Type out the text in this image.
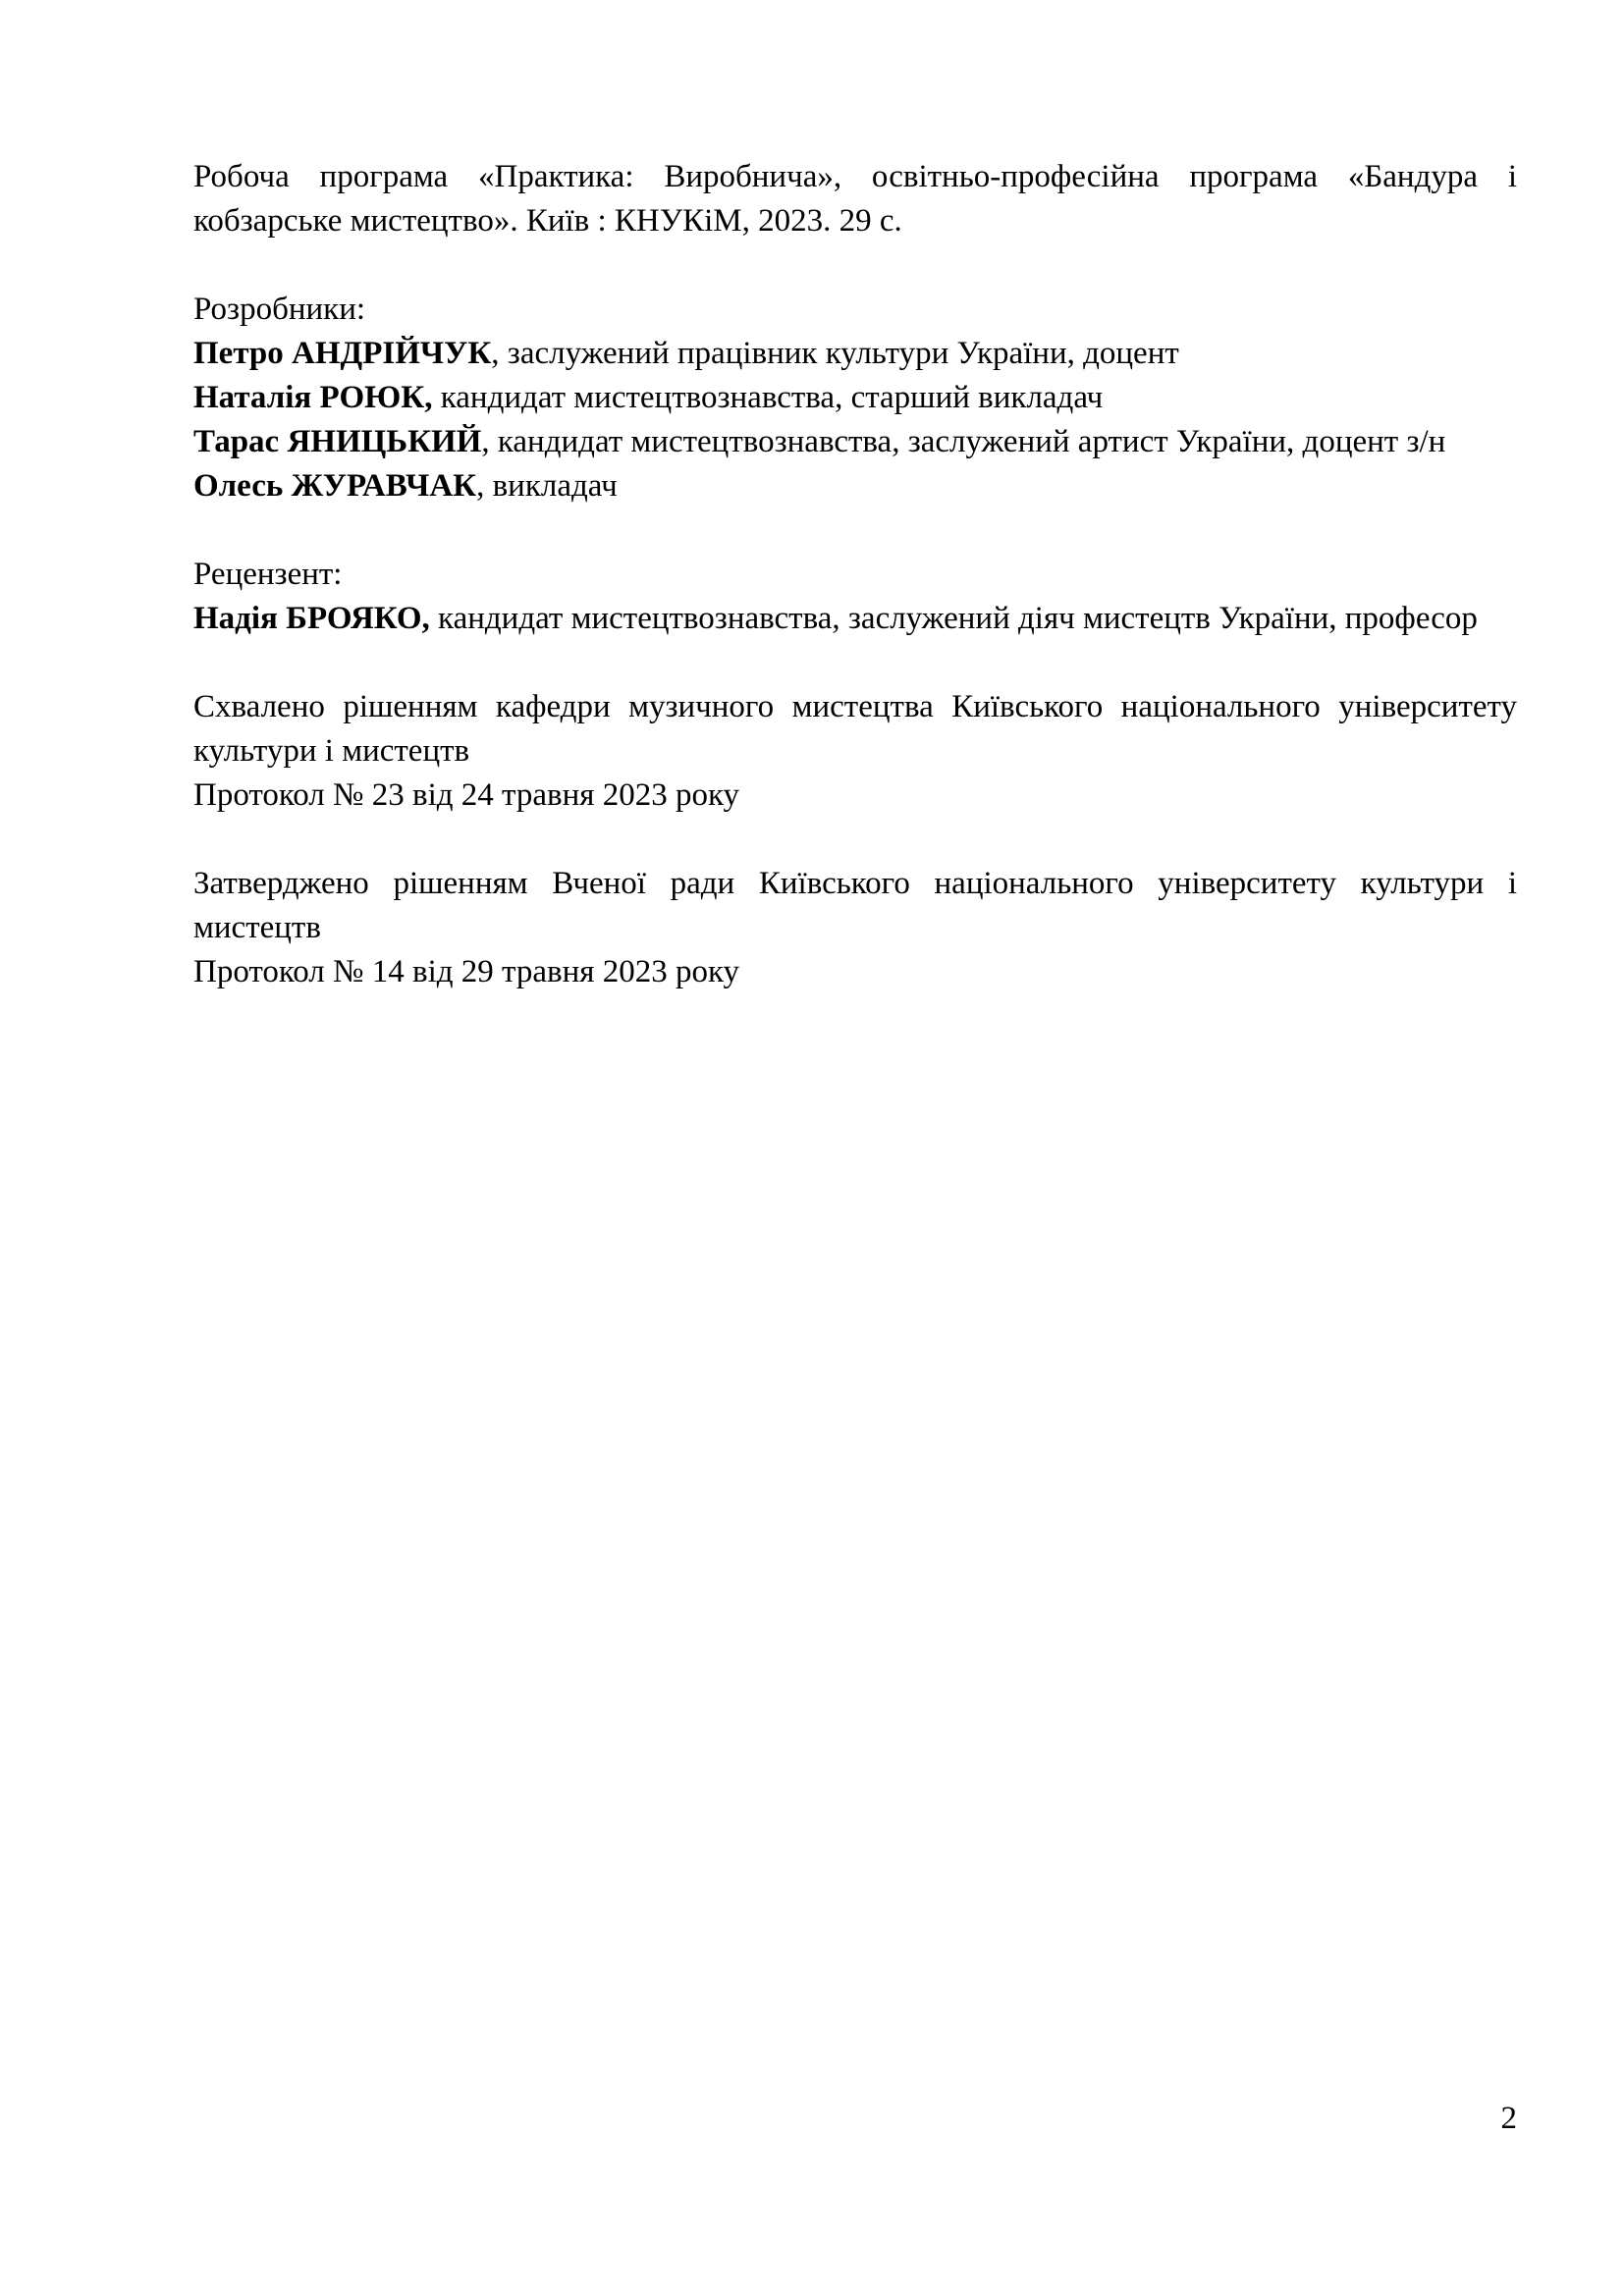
Робоча програма «Практика: Виробнича», освітньо-професійна програма «Бандура і кобзарське мистецтво». Київ : КНУКіМ, 2023. 29 с.

Розробники:

Петро АНДРІЙЧУК, заслужений працівник культури України, доцент

Наталія РОЮК, кандидат мистецтвознавства, старший викладач

Тарас ЯНИЦЬКИЙ, кандидат мистецтвознавства, заслужений артист України, доцент з/н

Олесь ЖУРАВЧАК, викладач

Рецензент:

Надія БРОЯКО, кандидат мистецтвознавства, заслужений діяч мистецтв України, професор

Схвалено рішенням кафедри музичного мистецтва Київського національного університету культури і мистецтв

Протокол № 23 від 24 травня 2023 року

Затверджено рішенням Вченої ради Київського національного університету культури і мистецтв

Протокол № 14 від 29 травня 2023 року

2
